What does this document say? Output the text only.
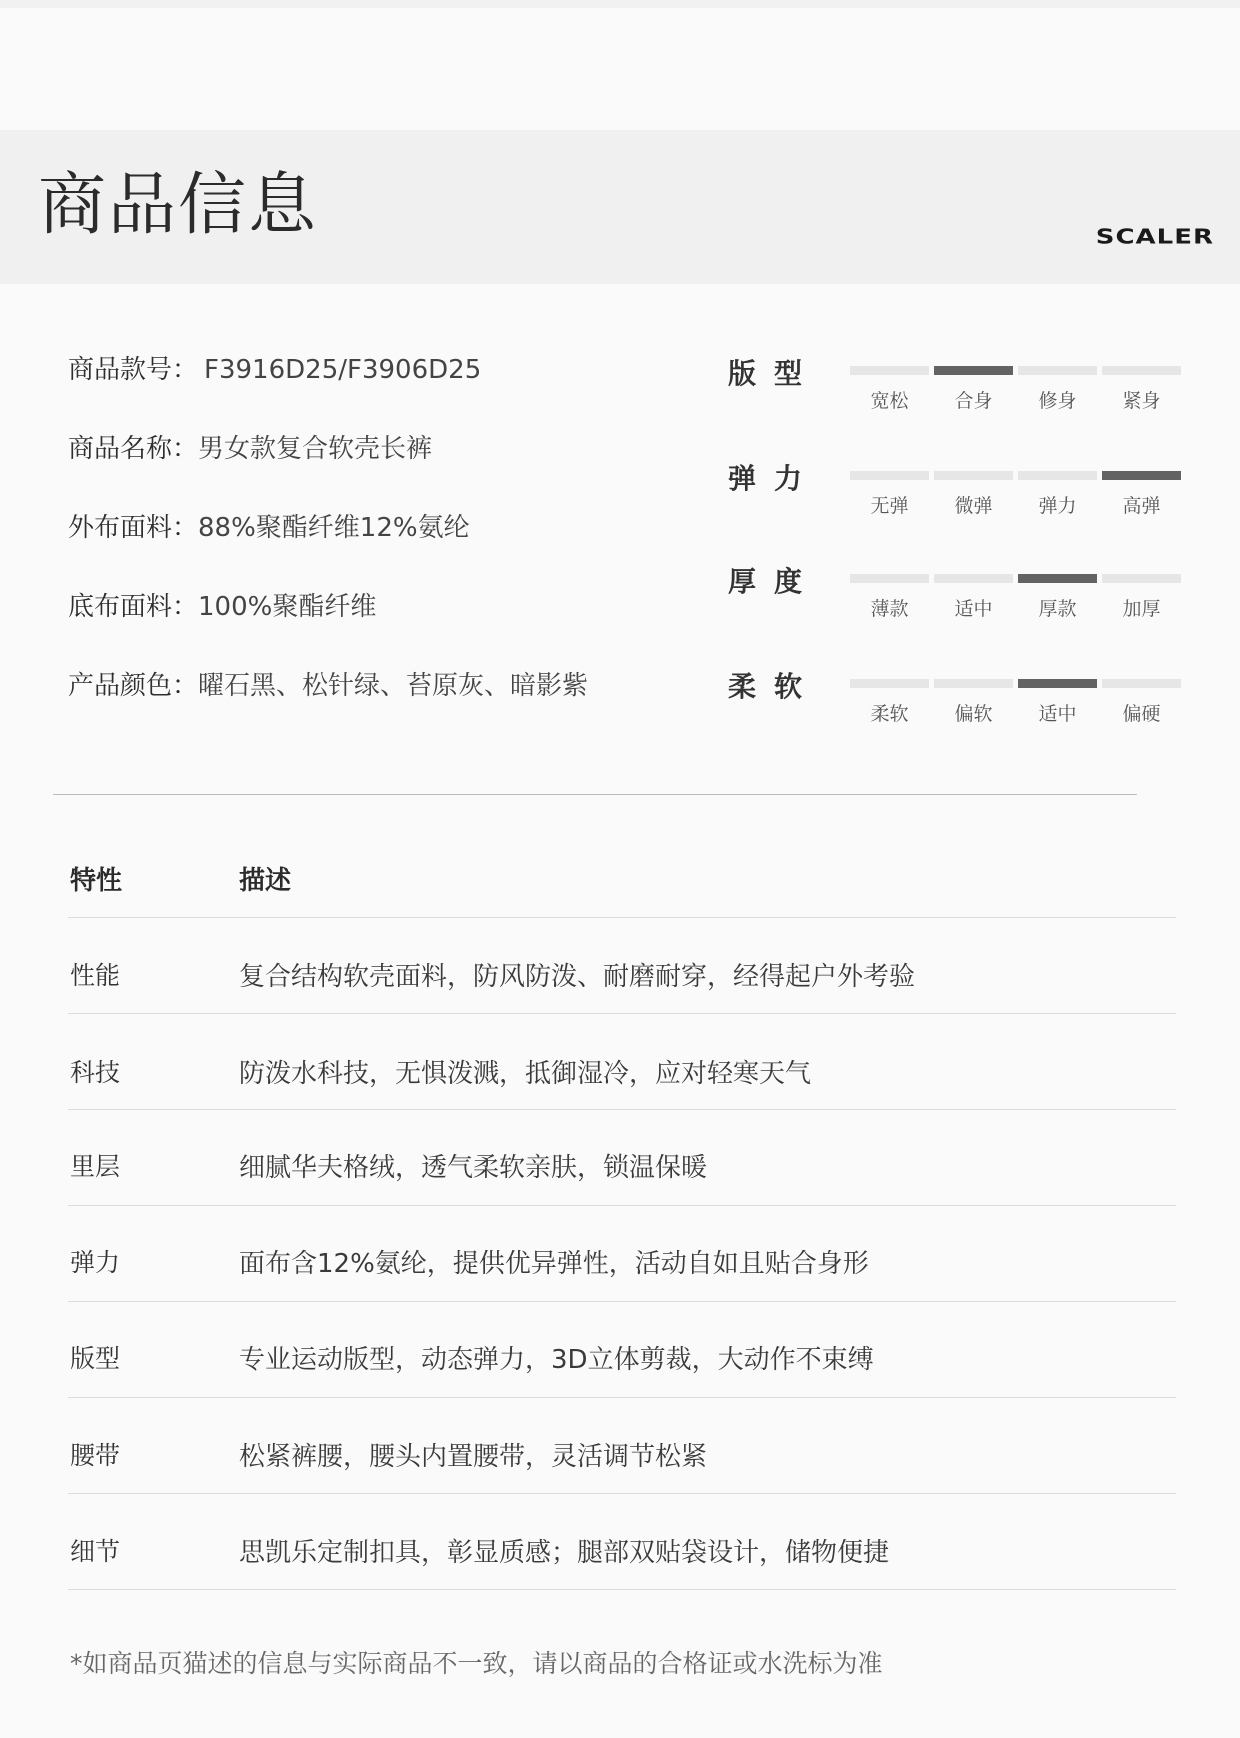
商品信息	SCALER
商品款号： F3916D25/F3906D25
商品名称：男女款复合软壳长裤
外布面料：88%聚酯纤维12%氨纶
底布面料：100%聚酯纤维
产品颜色：曜石黑、松针绿、苔原灰、暗影紫
版型
宽松	合身	修身	紧身
弹力
无弹	微弹	弹力	高弹
厚度
薄款	适中	厚款	加厚
柔软
柔软	偏软	适中	偏硬
特性	描述
性能	复合结构软壳面料，防风防泼、耐磨耐穿，经得起户外考验
科技	防泼水科技，无惧泼溅，抵御湿冷，应对轻寒天气
里层	细腻华夫格绒，透气柔软亲肤，锁温保暖
弹力	面布含12%氨纶，提供优异弹性，活动自如且贴合身形
版型	专业运动版型，动态弹力，3D立体剪裁，大动作不束缚
腰带	松紧裤腰，腰头内置腰带，灵活调节松紧
细节	思凯乐定制扣具，彰显质感；腿部双贴袋设计，储物便捷
*如商品页猫述的信息与实际商品不一致，请以商品的合格证或水洗标为准
